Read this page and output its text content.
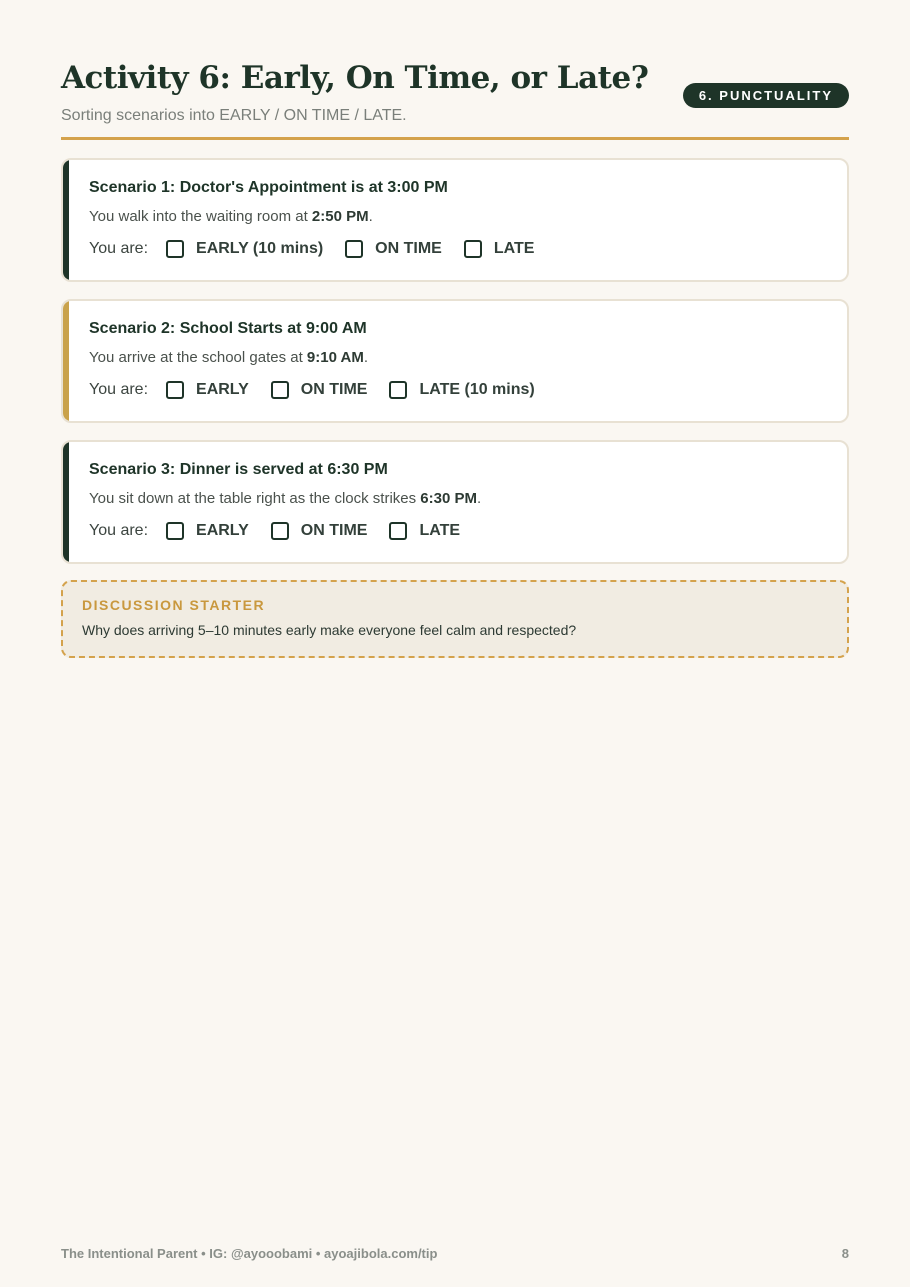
Activity 6: Early, On Time, or Late?
Sorting scenarios into EARLY / ON TIME / LATE.
6. PUNCTUALITY
Scenario 1: Doctor's Appointment is at 3:00 PM
You walk into the waiting room at 2:50 PM.
You are:	EARLY (10 mins)	ON TIME	LATE
Scenario 2: School Starts at 9:00 AM
You arrive at the school gates at 9:10 AM.
You are:	EARLY	ON TIME	LATE (10 mins)
Scenario 3: Dinner is served at 6:30 PM
You sit down at the table right as the clock strikes 6:30 PM.
You are:	EARLY	ON TIME	LATE
DISCUSSION STARTER
Why does arriving 5–10 minutes early make everyone feel calm and respected?
The Intentional Parent • IG: @ayooobami • ayoajibola.com/tip	8
